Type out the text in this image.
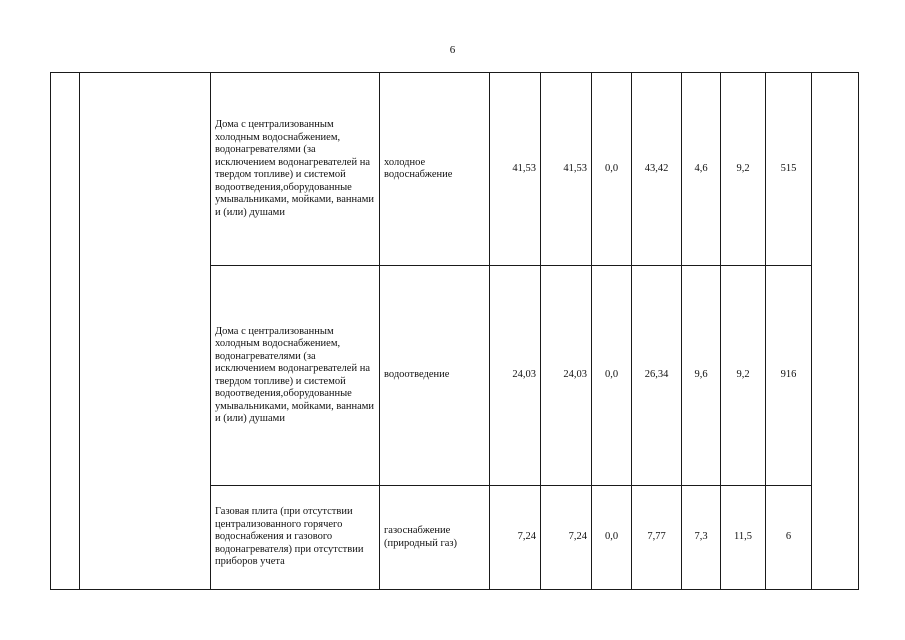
6

		Дома с централизованным холодным водоснабжением, водонагревателями (за исключением водонагревателей на твердом топливе) и системой водоотведения,оборудованные умывальниками, мойками, ваннами и (или) душами	холодное водоснабжение	41,53	41,53	0,0	43,42	4,6	9,2	515	

		Дома с централизованным холодным водоснабжением, водонагревателями (за исключением водонагревателей на твердом топливе) и системой водоотведения,оборудованные умывальниками, мойками, ваннами и (или) душами	водоотведение	24,03	24,03	0,0	26,34	9,6	9,2	916	

		Газовая плита (при отсутствии централизованного горячего водоснабжения и газового водонагревателя) при отсутствии приборов учета	газоснабжение (природный газ)	7,24	7,24	0,0	7,77	7,3	11,5	6	
